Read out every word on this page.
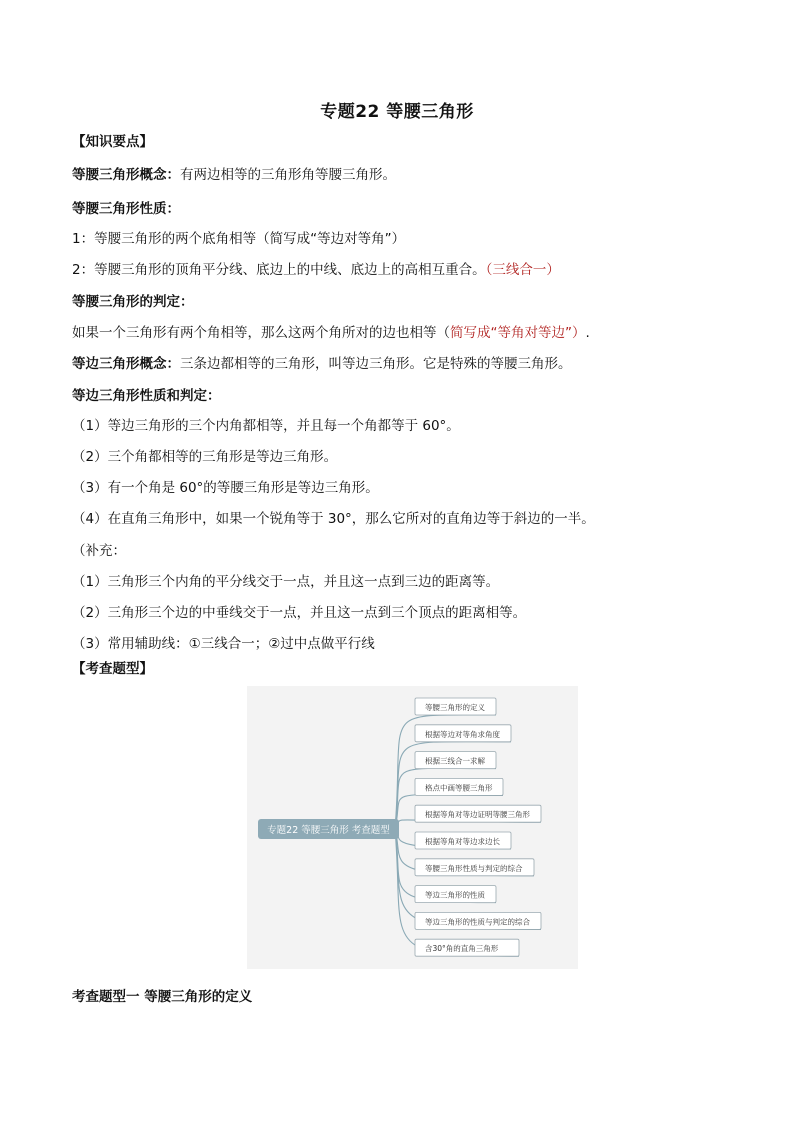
专题22 等腰三角形
【知识要点】
等腰三角形概念：有两边相等的三角形角等腰三角形。
等腰三角形性质：
1：等腰三角形的两个底角相等（简写成“等边对等角”）
2：等腰三角形的顶角平分线、底边上的中线、底边上的高相互重合。（三线合一）
等腰三角形的判定：
如果一个三角形有两个角相等，那么这两个角所对的边也相等（简写成“等角对等边”）.
等边三角形概念：三条边都相等的三角形，叫等边三角形。它是特殊的等腰三角形。
等边三角形性质和判定：
（1）等边三角形的三个内角都相等，并且每一个角都等于 60°。
（2）三个角都相等的三角形是等边三角形。
（3）有一个角是 60°的等腰三角形是等边三角形。
（4）在直角三角形中，如果一个锐角等于 30°，那么它所对的直角边等于斜边的一半。
（补充：
（1）三角形三个内角的平分线交于一点，并且这一点到三边的距离等。
（2）三角形三个边的中垂线交于一点，并且这一点到三个顶点的距离相等。
（3）常用辅助线：①三线合一；②过中点做平行线
【考查题型】
等腰三角形的定义
根据等边对等角求角度
根据三线合一求解
格点中画等腰三角形
根据等角对等边证明等腰三角形
根据等角对等边求边长
等腰三角形性质与判定的综合
等边三角形的性质
等边三角形的性质与判定的综合
含30°角的直角三角形
专题22 等腰三角形 考查题型
考查题型一 等腰三角形的定义
